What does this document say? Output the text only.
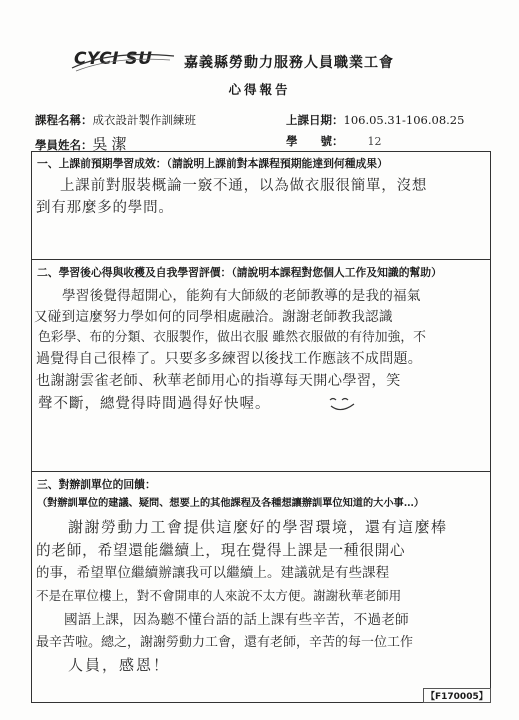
CYCI SU 嘉義縣勞動力服務人員職業工會
心得報告
課程名稱：成衣設計製作訓練班	上課日期：106.05.31-106.08.25
學員姓名：吳潔	學　　號： 12
一、上課前預期學習成效：（請說明上課前對本課程預期能達到何種成果）
上課前對服裝概論一竅不通，以為做衣服很簡單，沒想
到有那麼多的學問。
二、學習後心得與收穫及自我學習評價：（請說明本課程對您個人工作及知識的幫助）
學習後覺得超開心，能夠有大師級的老師教導的是我的福氣
又碰到這麼努力學如何的同學相處融洽。謝謝老師教我認識
色彩學、布的分類、衣服製作，做出衣服 雖然衣服做的有待加強，不
過覺得自己很棒了。只要多多練習以後找工作應該不成問題。
也謝謝雲雀老師、秋華老師用心的指導每天開心學習，笑
聲不斷，總覺得時間過得好快喔。
三、對辦訓單位的回饋：
（對辦訓單位的建議、疑問、想要上的其他課程及各種想讓辦訓單位知道的大小事…）
謝謝勞動力工會提供這麼好的學習環境，還有這麼棒
的老師，希望還能繼續上，現在覺得上課是一種很開心
的事，希望單位繼續辦讓我可以繼續上。建議就是有些課程
不是在單位樓上，對不會開車的人來說不太方便。謝謝秋華老師用
國語上課，因為聽不懂台語的話上課有些辛苦，不過老師
最辛苦啦。總之，謝謝勞動力工會，還有老師，辛苦的每一位工作
人員，感恩！
【F170005】
